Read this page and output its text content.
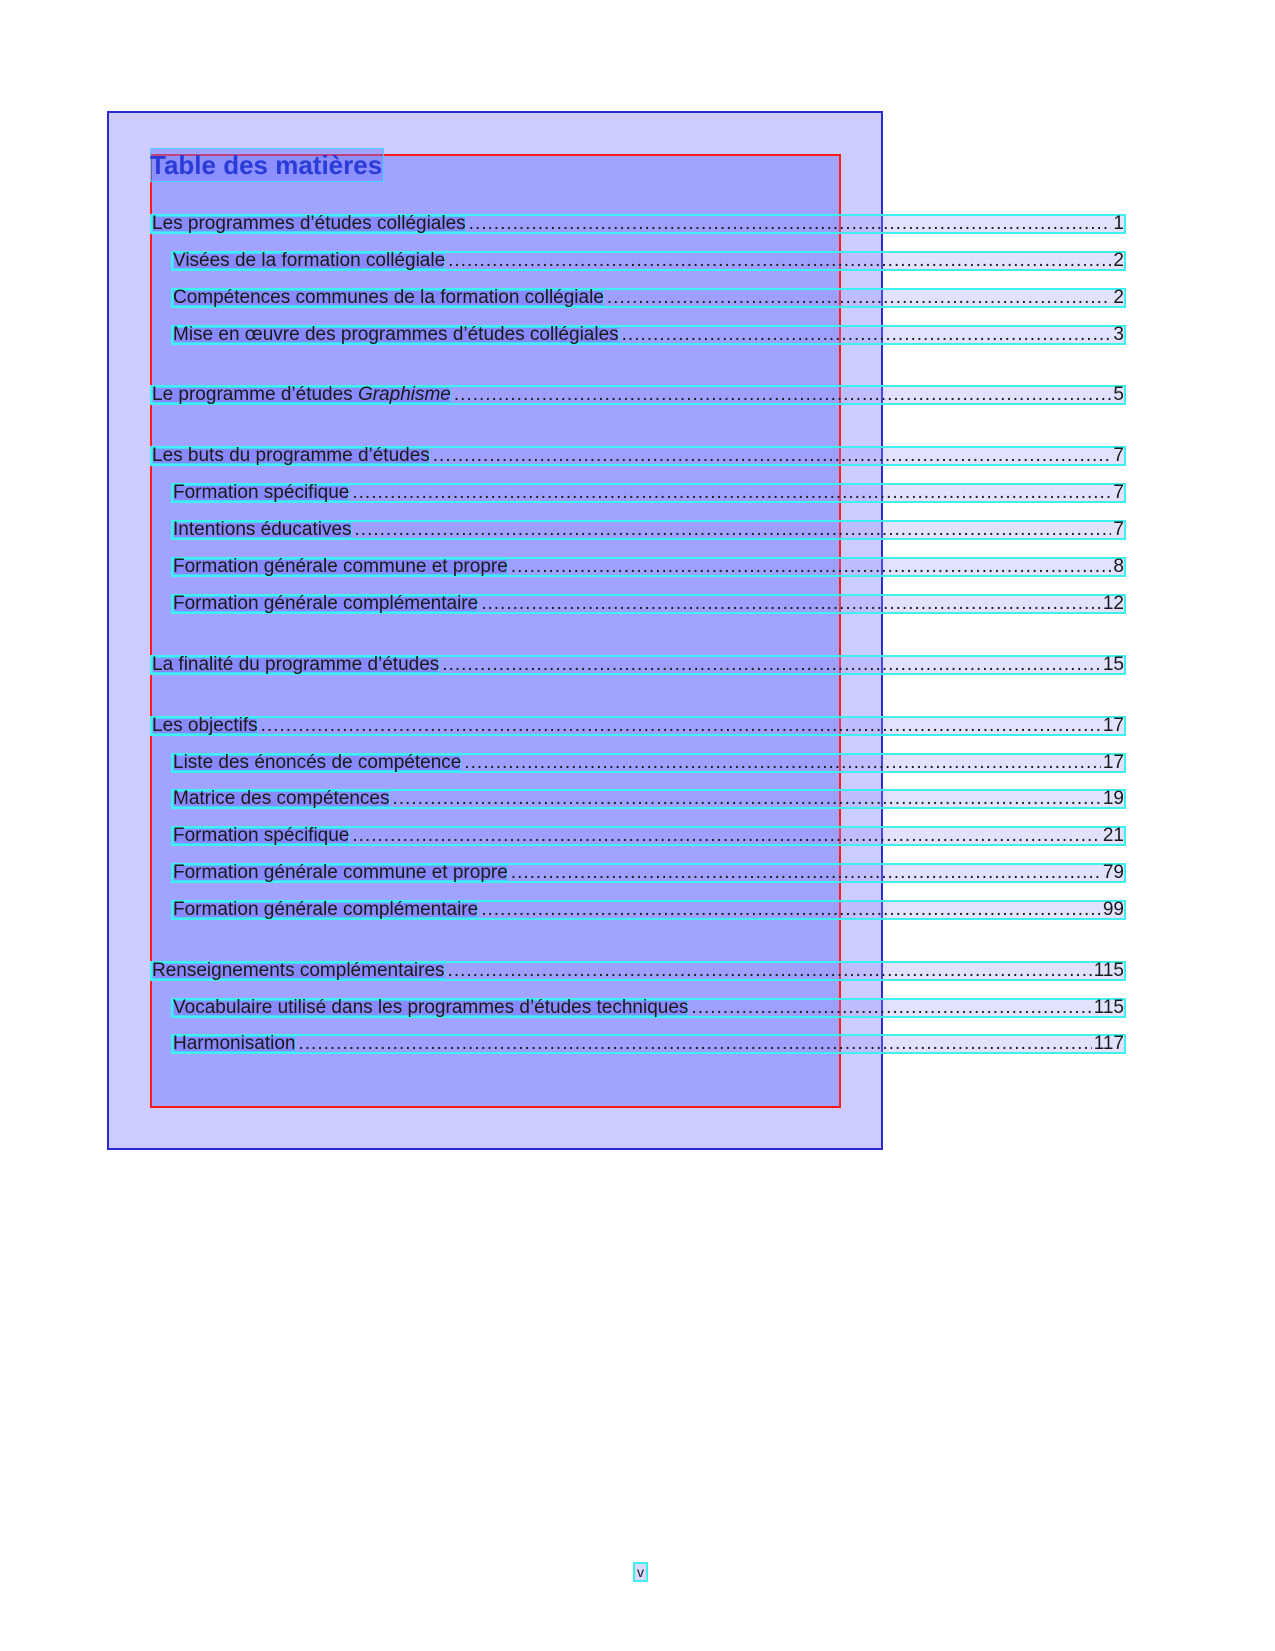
Table des matières
Les programmes d’études collégiales .....	1
Visées de la formation collégiale .....	2
Compétences communes de la formation collégiale .....	2
Mise en œuvre des programmes d’études collégiales .....	3
Le programme d’études Graphisme .....	5
Les buts du programme d’études .....	7
Formation spécifique .....	7
Intentions éducatives .....	7
Formation générale commune et propre .....	8
Formation générale complémentaire .....	12
La finalité du programme d’études .....	15
Les objectifs .....	17
Liste des énoncés de compétence .....	17
Matrice des compétences .....	19
Formation spécifique .....	21
Formation générale commune et propre .....	79
Formation générale complémentaire .....	99
Renseignements complémentaires .....	115
Vocabulaire utilisé dans les programmes d’études techniques .....	115
Harmonisation .....	117
v
